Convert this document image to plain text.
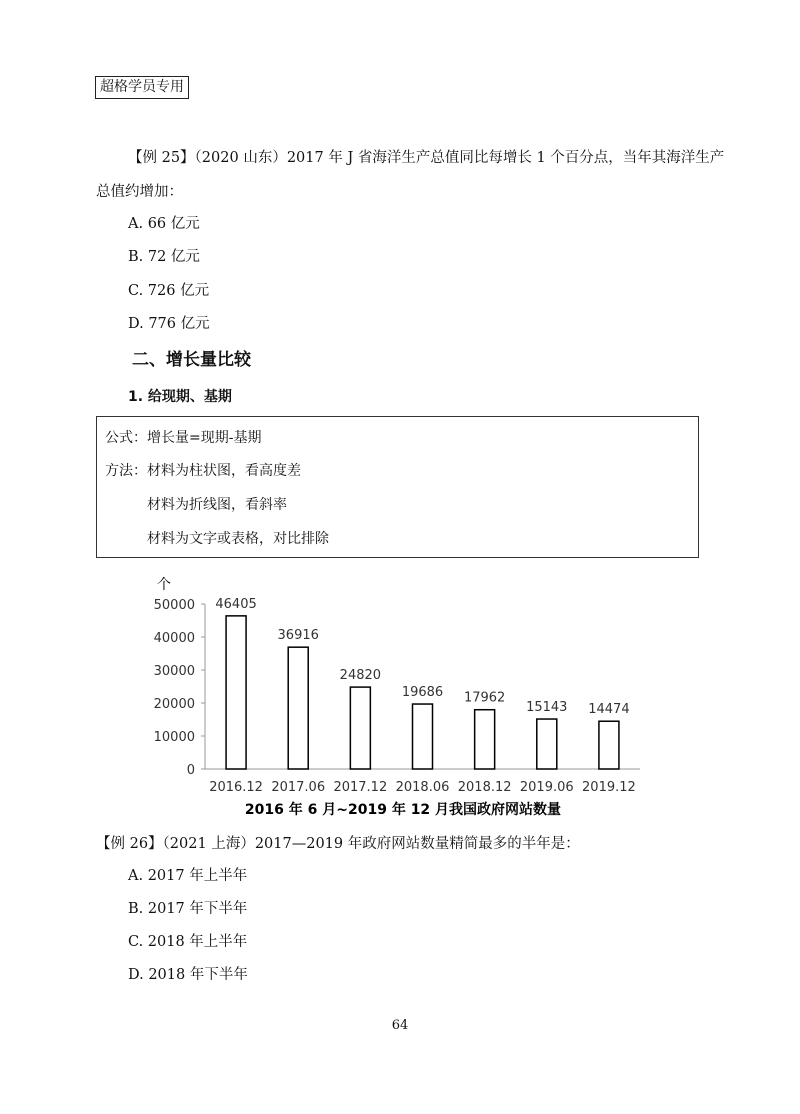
超格学员专用
【例 25】（2020 山东）2017 年 J 省海洋生产总值同比每增长 1 个百分点，当年其海洋生产
总值约增加：
A. 66 亿元
B. 72 亿元
C. 726 亿元
D. 776 亿元
二、增长量比较
1. 给现期、基期
公式：增长量=现期-基期
方法：材料为柱状图，看高度差
材料为折线图，看斜率
材料为文字或表格，对比排除
个
0
10000
20000
30000
40000
50000 46405
2016.12
36916
2017.06
24820
2017.12
19686
2018.06
17962
2018.12
15143
2019.06
14474
2019.12
2016 年 6 月~2019 年 12 月我国政府网站数量
【例 26】（2021 上海）2017—2019 年政府网站数量精简最多的半年是：
A. 2017 年上半年
B. 2017 年下半年
C. 2018 年上半年
D. 2018 年下半年
64
